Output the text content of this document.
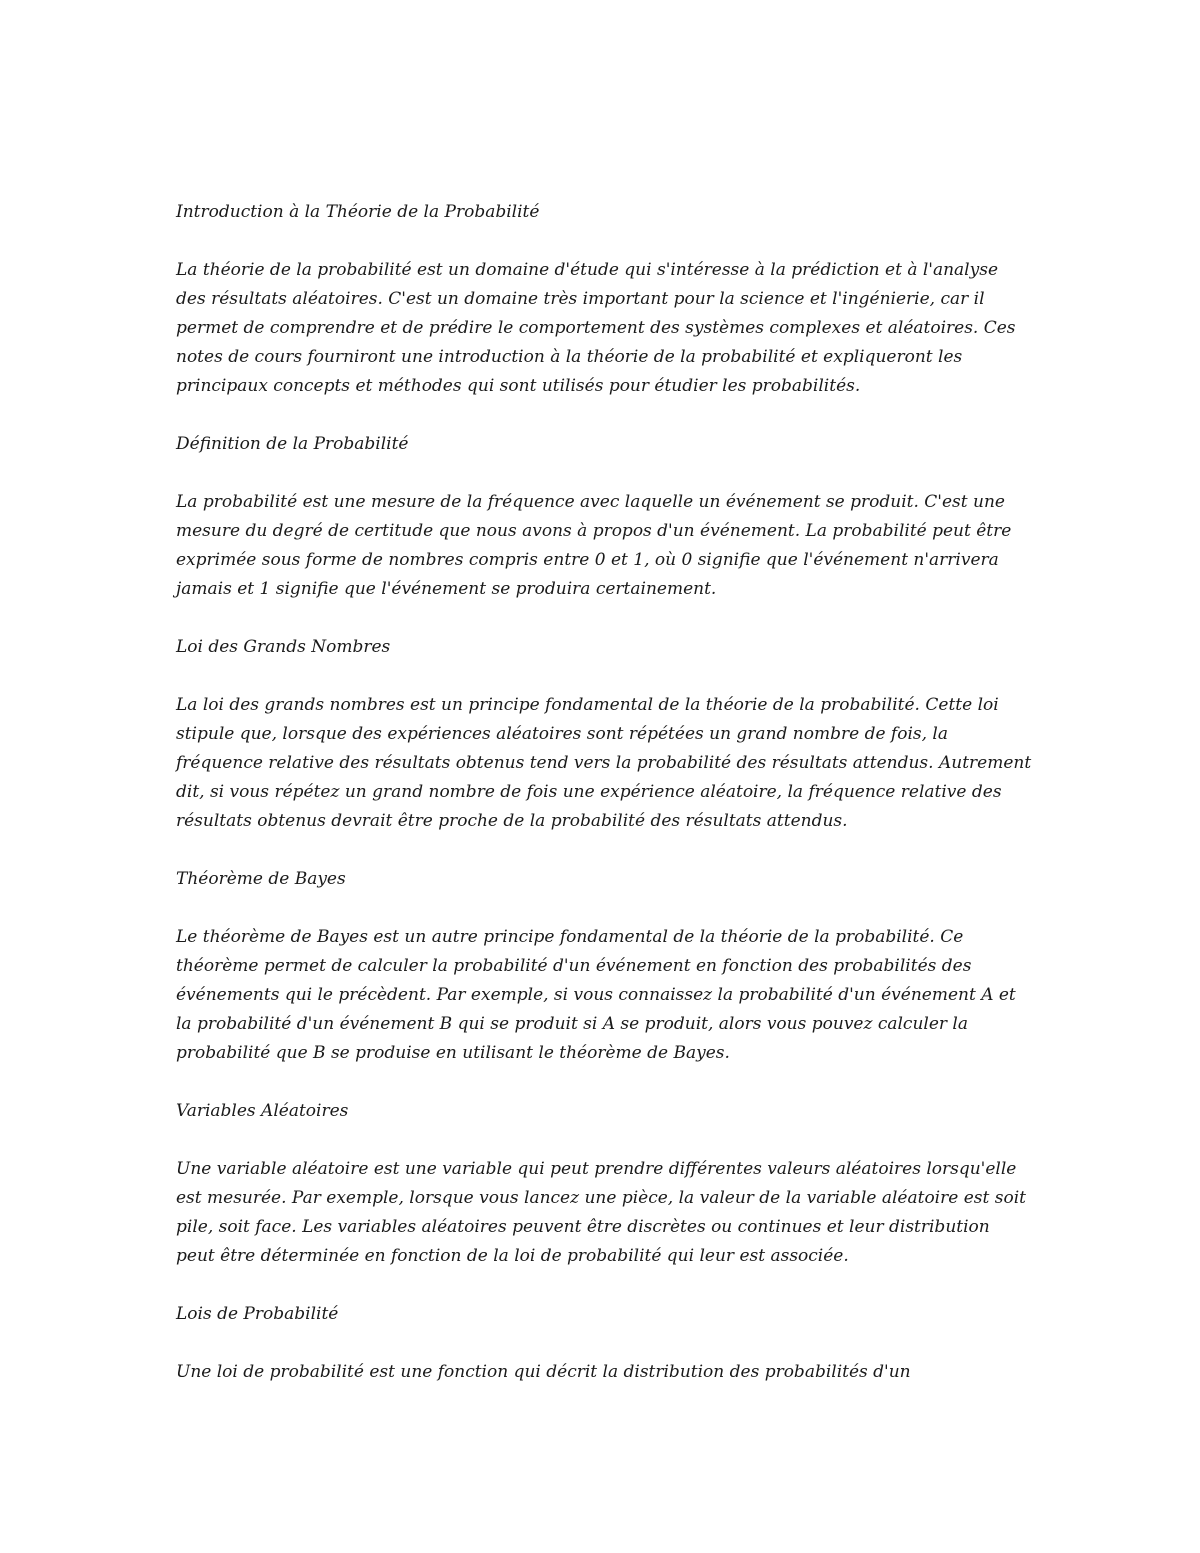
Introduction à la Théorie de la Probabilité

La théorie de la probabilité est un domaine d'étude qui s'intéresse à la prédiction et à l'analyse des résultats aléatoires. C'est un domaine très important pour la science et l'ingénierie, car il permet de comprendre et de prédire le comportement des systèmes complexes et aléatoires. Ces notes de cours fourniront une introduction à la théorie de la probabilité et expliqueront les principaux concepts et méthodes qui sont utilisés pour étudier les probabilités.

Définition de la Probabilité

La probabilité est une mesure de la fréquence avec laquelle un événement se produit. C'est une mesure du degré de certitude que nous avons à propos d'un événement. La probabilité peut être exprimée sous forme de nombres compris entre 0 et 1, où 0 signifie que l'événement n'arrivera jamais et 1 signifie que l'événement se produira certainement.

Loi des Grands Nombres

La loi des grands nombres est un principe fondamental de la théorie de la probabilité. Cette loi stipule que, lorsque des expériences aléatoires sont répétées un grand nombre de fois, la fréquence relative des résultats obtenus tend vers la probabilité des résultats attendus. Autrement dit, si vous répétez un grand nombre de fois une expérience aléatoire, la fréquence relative des résultats obtenus devrait être proche de la probabilité des résultats attendus.

Théorème de Bayes

Le théorème de Bayes est un autre principe fondamental de la théorie de la probabilité. Ce théorème permet de calculer la probabilité d'un événement en fonction des probabilités des événements qui le précèdent. Par exemple, si vous connaissez la probabilité d'un événement A et la probabilité d'un événement B qui se produit si A se produit, alors vous pouvez calculer la probabilité que B se produise en utilisant le théorème de Bayes.

Variables Aléatoires

Une variable aléatoire est une variable qui peut prendre différentes valeurs aléatoires lorsqu'elle est mesurée. Par exemple, lorsque vous lancez une pièce, la valeur de la variable aléatoire est soit pile, soit face. Les variables aléatoires peuvent être discrètes ou continues et leur distribution peut être déterminée en fonction de la loi de probabilité qui leur est associée.

Lois de Probabilité

Une loi de probabilité est une fonction qui décrit la distribution des probabilités d'un
